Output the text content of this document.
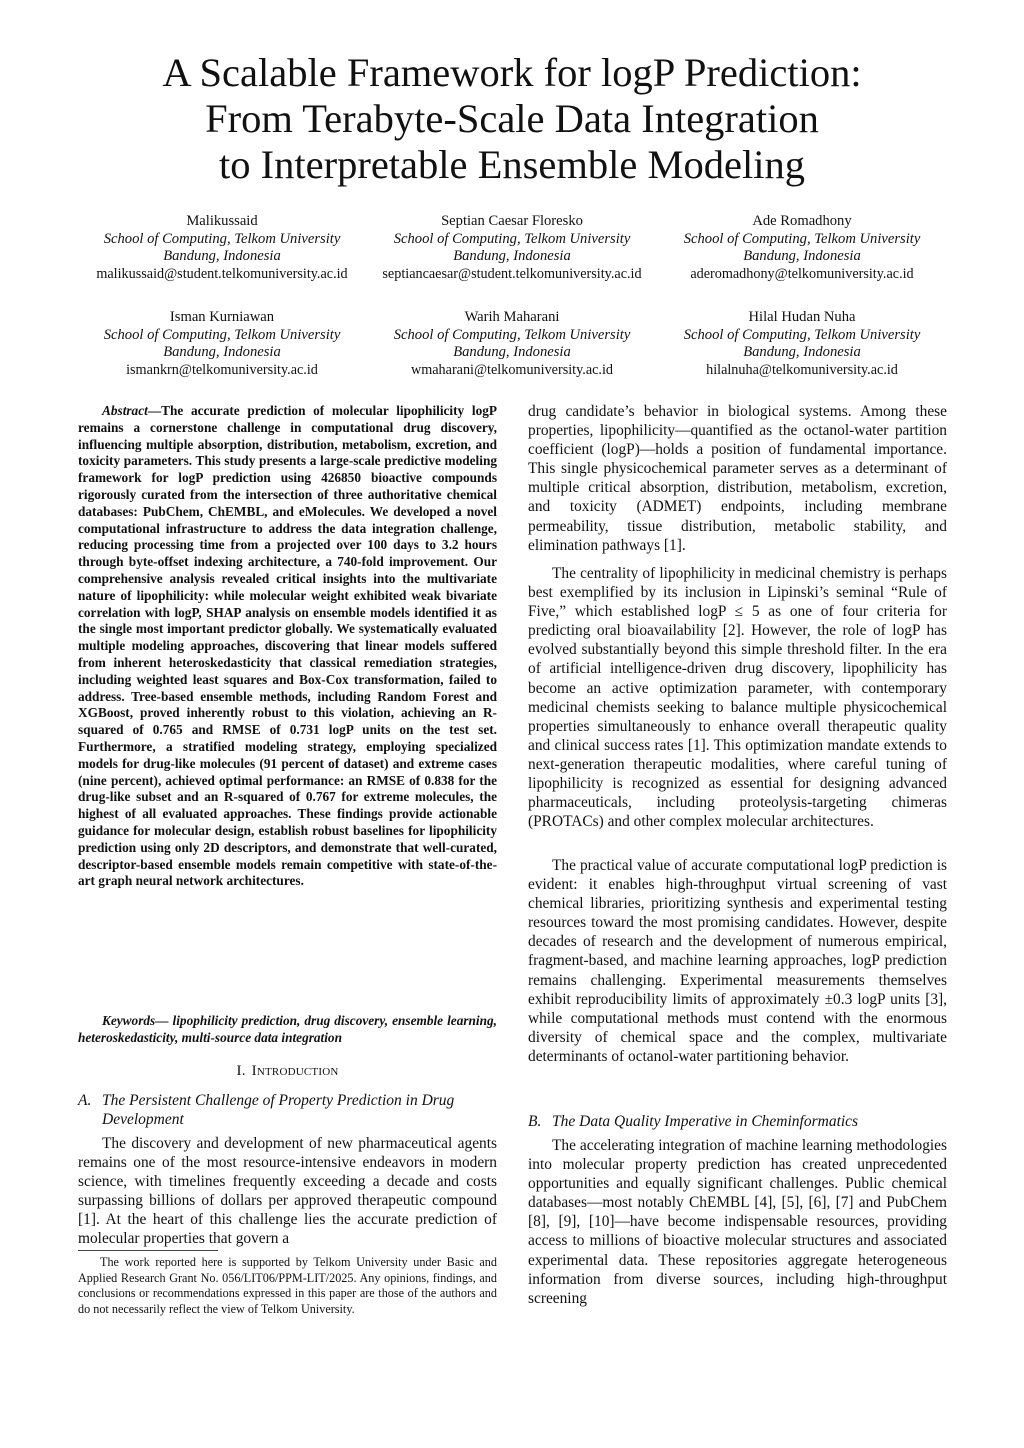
A Scalable Framework for logP Prediction:
From Terabyte-Scale Data Integration
to Interpretable Ensemble Modeling
Malikussaid
School of Computing, Telkom University
Bandung, Indonesia
malikussaid@student.telkomuniversity.ac.id
Septian Caesar Floresko
School of Computing, Telkom University
Bandung, Indonesia
septiancaesar@student.telkomuniversity.ac.id
Ade Romadhony
School of Computing, Telkom University
Bandung, Indonesia
aderomadhony@telkomuniversity.ac.id
Isman Kurniawan
School of Computing, Telkom University
Bandung, Indonesia
ismankrn@telkomuniversity.ac.id
Warih Maharani
School of Computing, Telkom University
Bandung, Indonesia
wmaharani@telkomuniversity.ac.id
Hilal Hudan Nuha
School of Computing, Telkom University
Bandung, Indonesia
hilalnuha@telkomuniversity.ac.id
Abstract—The accurate prediction of molecular lipophilicity logP remains a cornerstone challenge in computational drug discovery, influencing multiple absorption, distribution, metabolism, excretion, and toxicity parameters. This study presents a large-scale predictive modeling framework for logP prediction using 426850 bioactive compounds rigorously curated from the intersection of three authoritative chemical databases: PubChem, ChEMBL, and eMolecules. We developed a novel computational infrastructure to address the data integration challenge, reducing processing time from a projected over 100 days to 3.2 hours through byte-offset indexing architecture, a 740-fold improvement. Our comprehensive analysis revealed critical insights into the multivariate nature of lipophilicity: while molecular weight exhibited weak bivariate correlation with logP, SHAP analysis on ensemble models identified it as the single most important predictor globally. We systematically evaluated multiple modeling approaches, discovering that linear models suffered from inherent heteroskedasticity that classical remediation strategies, including weighted least squares and Box-Cox transformation, failed to address. Tree-based ensemble methods, including Random Forest and XGBoost, proved inherently robust to this violation, achieving an R-squared of 0.765 and RMSE of 0.731 logP units on the test set. Furthermore, a stratified modeling strategy, employing specialized models for drug-like molecules (91 percent of dataset) and extreme cases (nine percent), achieved optimal performance: an RMSE of 0.838 for the drug-like subset and an R-squared of 0.767 for extreme molecules, the highest of all evaluated approaches. These findings provide actionable guidance for molecular design, establish robust baselines for lipophilicity prediction using only 2D descriptors, and demonstrate that well-curated, descriptor-based ensemble models remain competitive with state-of-the-art graph neural network architectures.
Keywords— lipophilicity prediction, drug discovery, ensemble learning, heteroskedasticity, multi-source data integration
I. Introduction
A. The Persistent Challenge of Property Prediction in Drug Development
The discovery and development of new pharmaceutical agents remains one of the most resource-intensive endeavors in modern science, with timelines frequently exceeding a decade and costs surpassing billions of dollars per approved therapeutic compound [1]. At the heart of this challenge lies the accurate prediction of molecular properties that govern a
The work reported here is supported by Telkom University under Basic and Applied Research Grant No. 056/LIT06/PPM-LIT/2025. Any opinions, findings, and conclusions or recommendations expressed in this paper are those of the authors and do not necessarily reflect the view of Telkom University.
drug candidate’s behavior in biological systems. Among these properties, lipophilicity—quantified as the octanol-water partition coefficient (logP)—holds a position of fundamental importance. This single physicochemical parameter serves as a determinant of multiple critical absorption, distribution, metabolism, excretion, and toxicity (ADMET) endpoints, including membrane permeability, tissue distribution, metabolic stability, and elimination pathways [1].
The centrality of lipophilicity in medicinal chemistry is perhaps best exemplified by its inclusion in Lipinski’s seminal “Rule of Five,” which established logP ≤ 5 as one of four criteria for predicting oral bioavailability [2]. However, the role of logP has evolved substantially beyond this simple threshold filter. In the era of artificial intelligence-driven drug discovery, lipophilicity has become an active optimization parameter, with contemporary medicinal chemists seeking to balance multiple physicochemical properties simultaneously to enhance overall therapeutic quality and clinical success rates [1]. This optimization mandate extends to next-generation therapeutic modalities, where careful tuning of lipophilicity is recognized as essential for designing advanced pharmaceuticals, including proteolysis-targeting chimeras (PROTACs) and other complex molecular architectures.
The practical value of accurate computational logP prediction is evident: it enables high-throughput virtual screening of vast chemical libraries, prioritizing synthesis and experimental testing resources toward the most promising candidates. However, despite decades of research and the development of numerous empirical, fragment-based, and machine learning approaches, logP prediction remains challenging. Experimental measurements themselves exhibit reproducibility limits of approximately ±0.3 logP units [3], while computational methods must contend with the enormous diversity of chemical space and the complex, multivariate determinants of octanol-water partitioning behavior.
B. The Data Quality Imperative in Cheminformatics
The accelerating integration of machine learning methodologies into molecular property prediction has created unprecedented opportunities and equally significant challenges. Public chemical databases—most notably ChEMBL [4], [5], [6], [7] and PubChem [8], [9], [10]—have become indispensable resources, providing access to millions of bioactive molecular structures and associated experimental data. These repositories aggregate heterogeneous information from diverse sources, including high-throughput screening
